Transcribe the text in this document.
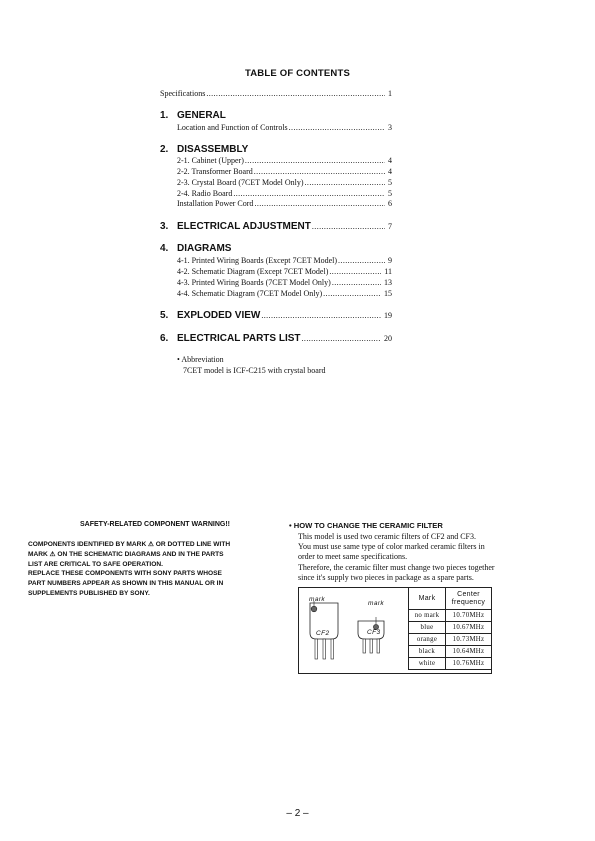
TABLE OF CONTENTS
Specifications .....	1
1. GENERAL
Location and Function of Controls .....	3
2. DISASSEMBLY
2-1. Cabinet (Upper) .....	4
2-2. Transformer Board .....	4
2-3. Crystal Board (7CET Model Only) .....	5
2-4. Radio Board .....	5
Installation Power Cord .....	6
3. ELECTRICAL ADJUSTMENT .....	7
4. DIAGRAMS
4-1. Printed Wiring Boards (Except 7CET Model) .....	9
4-2. Schematic Diagram (Except 7CET Model) .....	11
4-3. Printed Wiring Boards (7CET Model Only) .....	13
4-4. Schematic Diagram (7CET Model Only) .....	15
5. EXPLODED VIEW .....	19
6. ELECTRICAL PARTS LIST .....	20
• Abbreviation
7CET model is ICF-C215 with crystal board
SAFETY-RELATED COMPONENT WARNING!!
COMPONENTS IDENTIFIED BY MARK ⚠ OR DOTTED LINE WITH
MARK ⚠ ON THE SCHEMATIC DIAGRAMS AND IN THE PARTS
LIST ARE CRITICAL TO SAFE OPERATION.
REPLACE THESE COMPONENTS WITH SONY PARTS WHOSE
PART NUMBERS APPEAR AS SHOWN IN THIS MANUAL OR IN
SUPPLEMENTS PUBLISHED BY SONY.
• HOW TO CHANGE THE CERAMIC FILTER
This model is used two ceramic filters of CF2 and CF3.
You must use same type of color marked ceramic filters in
order to meet same specifications.
Therefore, the ceramic filter must change two pieces together
since it's supply two pieces in package as a spare parts.
mark
mark
CF2	CF3
Mark	Center frequency
no mark	10.70MHz
blue	10.67MHz
orange	10.73MHz
black	10.64MHz
white	10.76MHz
– 2 –
